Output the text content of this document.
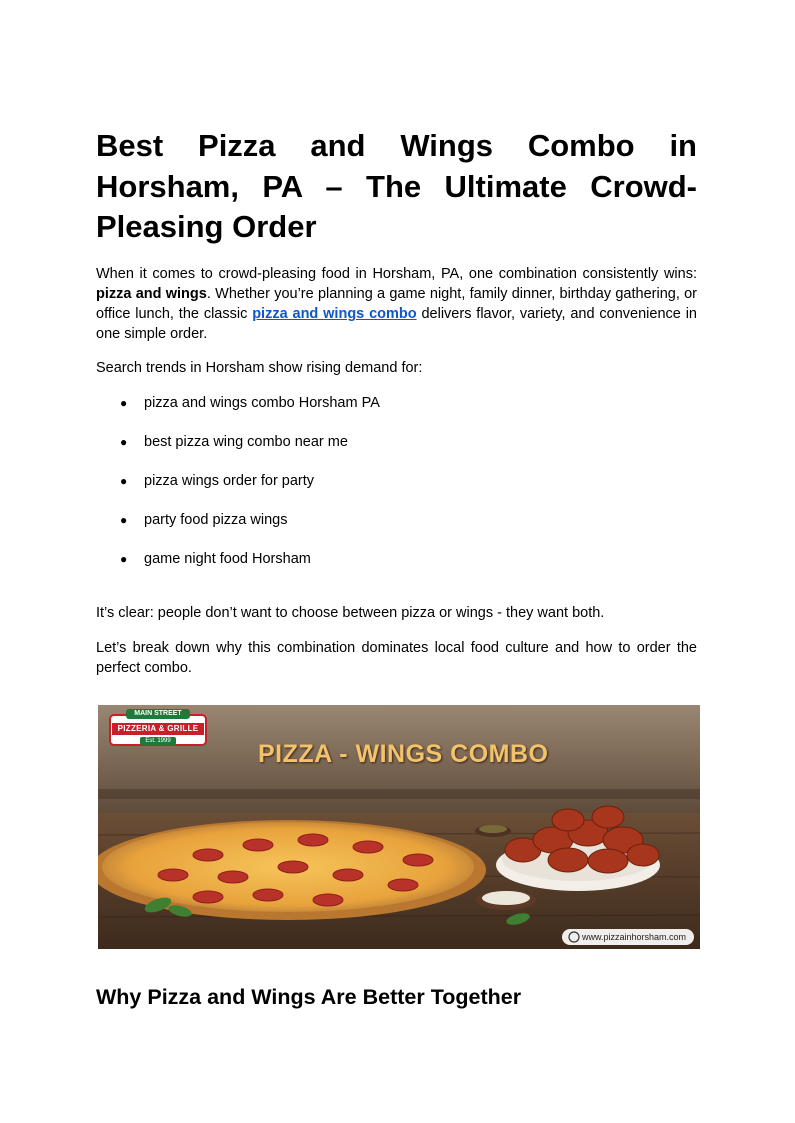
Best Pizza and Wings Combo in Horsham, PA – The Ultimate Crowd-Pleasing Order

When it comes to crowd-pleasing food in Horsham, PA, one combination consistently wins: pizza and wings. Whether you’re planning a game night, family dinner, birthday gathering, or office lunch, the classic pizza and wings combo delivers flavor, variety, and convenience in one simple order.

Search trends in Horsham show rising demand for:

● pizza and wings combo Horsham PA
● best pizza wing combo near me
● pizza wings order for party
● party food pizza wings
● game night food Horsham

It’s clear: people don’t want to choose between pizza or wings - they want both.

Let’s break down why this combination dominates local food culture and how to order the perfect combo.

MAIN STREET
PIZZERIA & GRILLE
Est. 1999	PIZZA - WINGS COMBO
www.pizzainhorsham.com
Why Pizza and Wings Are Better Together
